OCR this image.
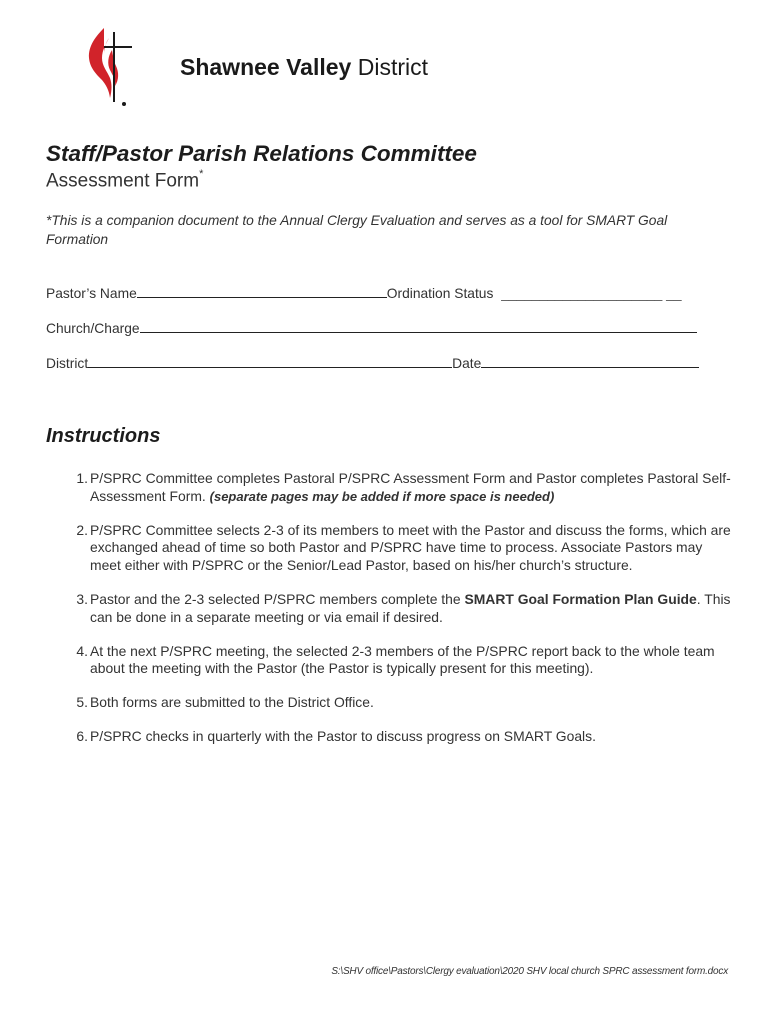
Shawnee Valley District
Staff/Pastor Parish Relations Committee
Assessment Form*
*This is a companion document to the Annual Clergy Evaluation and serves as a tool for SMART Goal Formation
Pastor’s Name	Ordination Status _____________________ __
Church/Charge
District	Date
Instructions
1. P/SPRC Committee completes Pastoral P/SPRC Assessment Form and Pastor completes Pastoral Self-Assessment Form. (separate pages may be added if more space is needed)
2. P/SPRC Committee selects 2-3 of its members to meet with the Pastor and discuss the forms, which are exchanged ahead of time so both Pastor and P/SPRC have time to process. Associate Pastors may meet either with P/SPRC or the Senior/Lead Pastor, based on his/her church’s structure.
3. Pastor and the 2-3 selected P/SPRC members complete the SMART Goal Formation Plan Guide. This can be done in a separate meeting or via email if desired.
4. At the next P/SPRC meeting, the selected 2-3 members of the P/SPRC report back to the whole team about the meeting with the Pastor (the Pastor is typically present for this meeting).
5. Both forms are submitted to the District Office.
6. P/SPRC checks in quarterly with the Pastor to discuss progress on SMART Goals.
S:\SHV office\Pastors\Clergy evaluation\2020 SHV local church SPRC assessment form.docx
